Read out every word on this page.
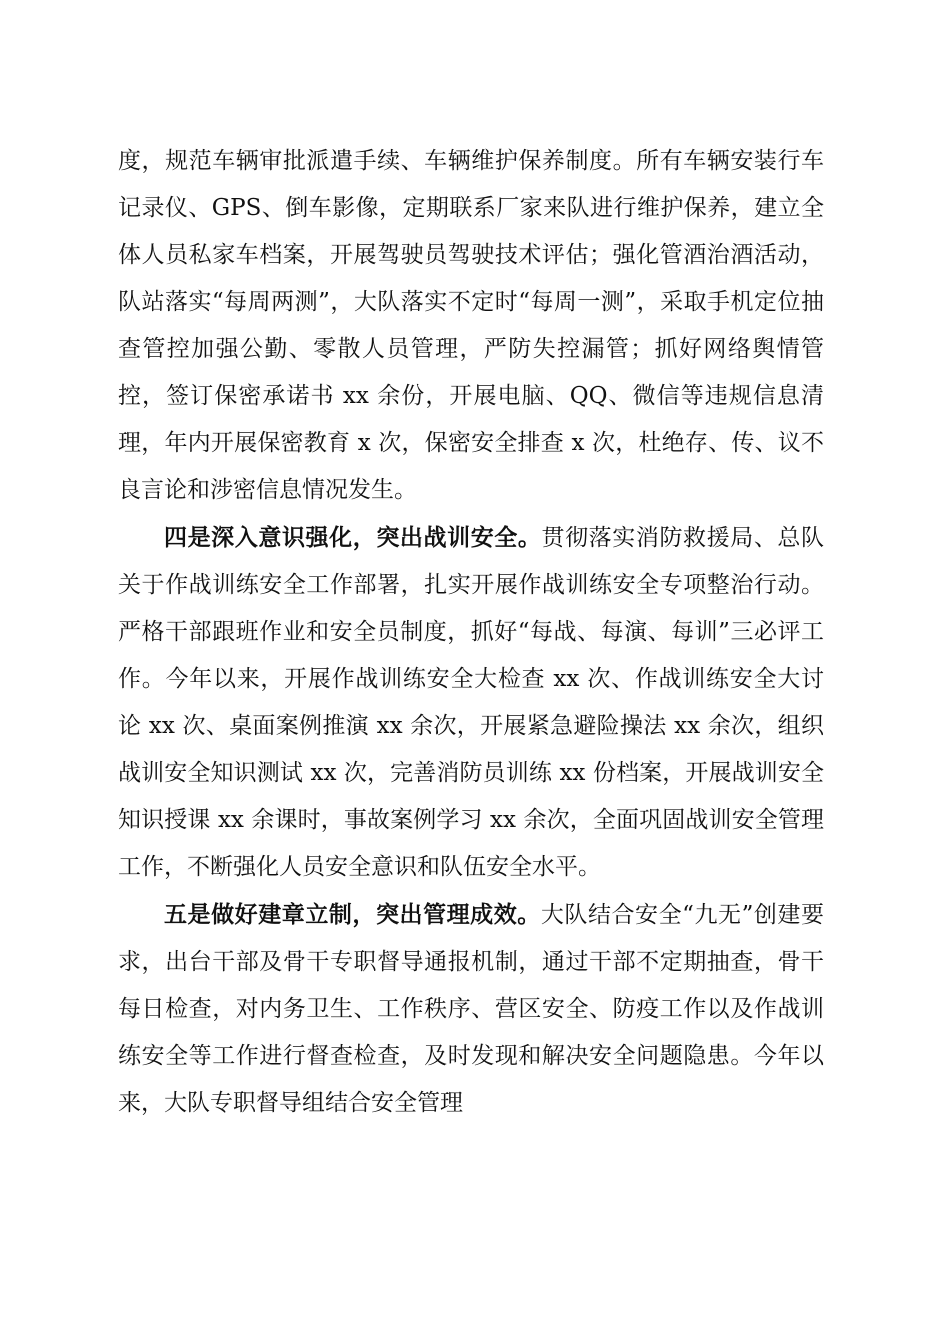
度，规范车辆审批派遣手续、车辆维护保养制度。所有车辆安装行车记录仪、GPS、倒车影像，定期联系厂家来队进行维护保养，建立全体人员私家车档案，开展驾驶员驾驶技术评估；强化管酒治酒活动，队站落实“每周两测”，大队落实不定时“每周一测”，采取手机定位抽查管控加强公勤、零散人员管理，严防失控漏管；抓好网络舆情管控，签订保密承诺书 xx 余份，开展电脑、QQ、微信等违规信息清理，年内开展保密教育 x 次，保密安全排查 x 次，杜绝存、传、议不良言论和涉密信息情况发生。

四是深入意识强化，突出战训安全。贯彻落实消防救援局、总队关于作战训练安全工作部署，扎实开展作战训练安全专项整治行动。严格干部跟班作业和安全员制度，抓好“每战、每演、每训”三必评工作。今年以来，开展作战训练安全大检查 xx 次、作战训练安全大讨论 xx 次、桌面案例推演 xx 余次，开展紧急避险操法 xx 余次，组织战训安全知识测试 xx 次，完善消防员训练 xx 份档案，开展战训安全知识授课 xx 余课时，事故案例学习 xx 余次，全面巩固战训安全管理工作，不断强化人员安全意识和队伍安全水平。

五是做好建章立制，突出管理成效。大队结合安全“九无”创建要求，出台干部及骨干专职督导通报机制，通过干部不定期抽查，骨干每日检查，对内务卫生、工作秩序、营区安全、防疫工作以及作战训练安全等工作进行督查检查，及时发现和解决安全问题隐患。今年以来，大队专职督导组结合安全管理
